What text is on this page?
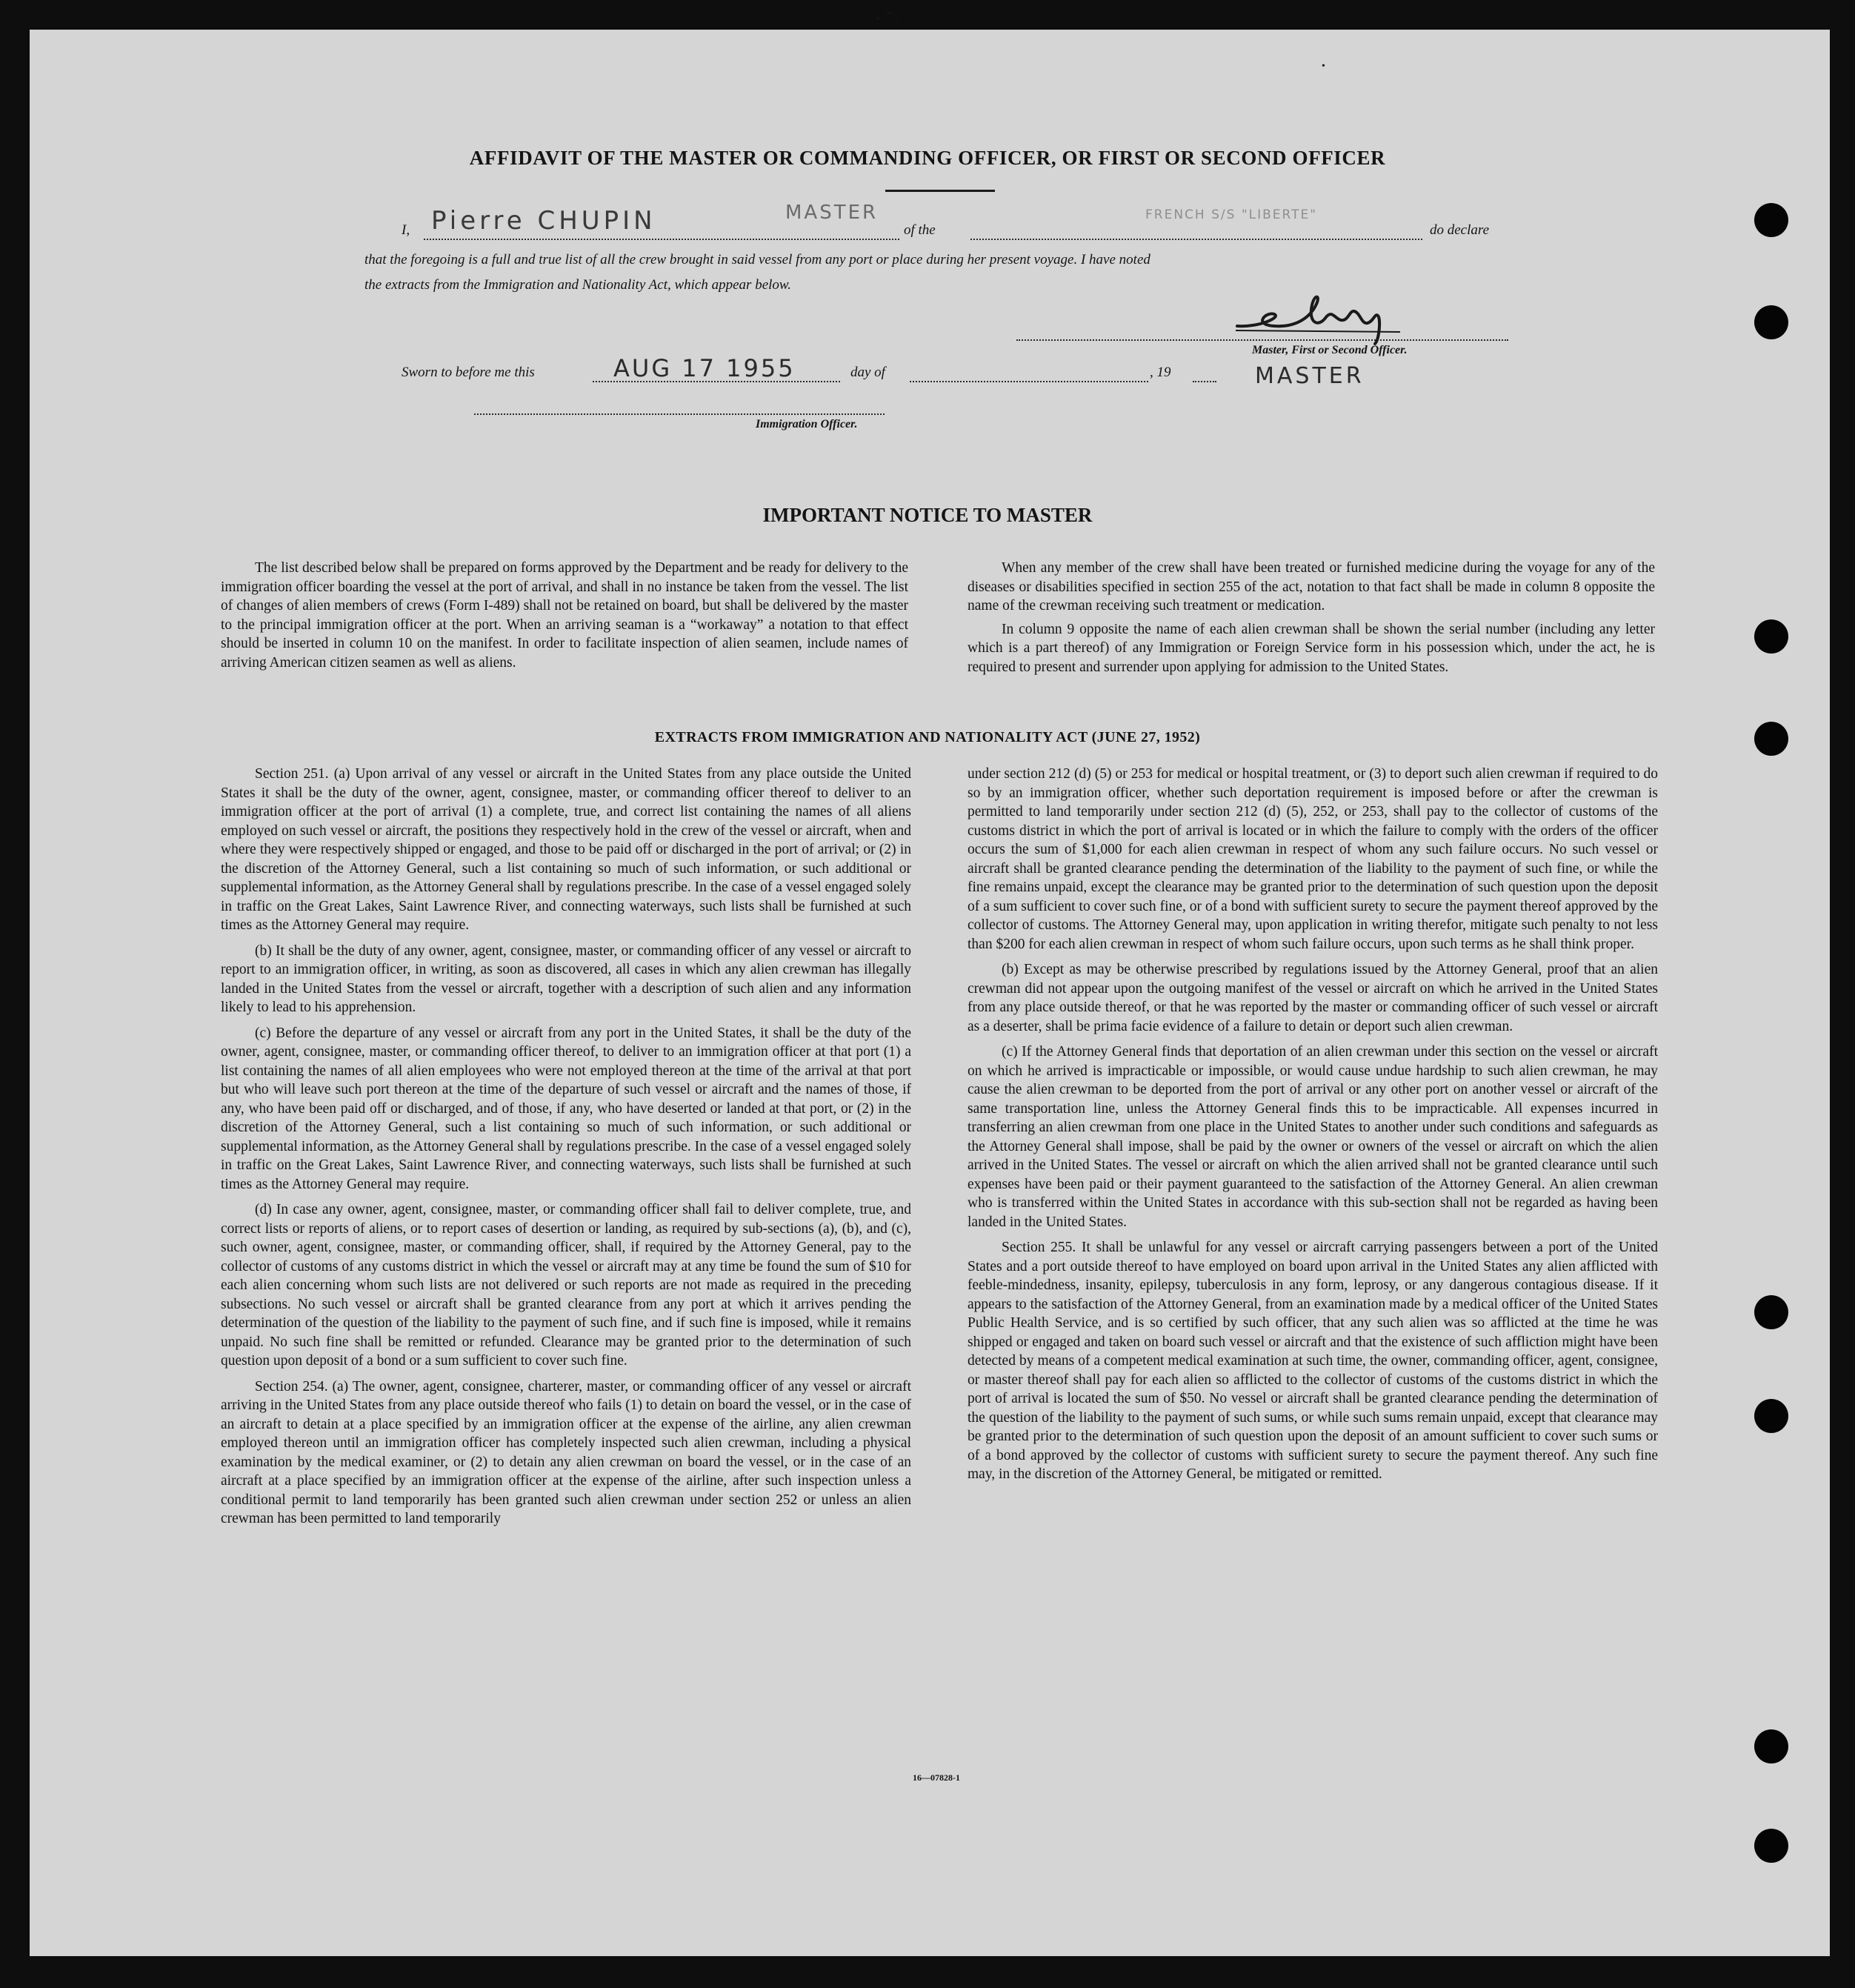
· ˉ˒
•
AFFIDAVIT OF THE MASTER OR COMMANDING OFFICER, OR FIRST OR SECOND OFFICER
I, Pierre CHUPIN	MASTER
of the
FRENCH S/S "LIBERTE"
do declare
that the foregoing is a full and true list of all the crew brought in said vessel from any port or place during her present voyage. I have noted
the extracts from the Immigration and Nationality Act, which appear below.
Master, First or Second Officer.
Sworn to before me this	AUG 17 1955	day of	, 19	MASTER
Immigration Officer.
IMPORTANT NOTICE TO MASTER

The list described below shall be prepared on forms approved by the Department and be ready for delivery to the immigration officer boarding the vessel at the port of arrival, and shall in no instance be taken from the vessel. The list of changes of alien members of crews (Form I-489) shall not be retained on board, but shall be delivered by the master to the principal immigration officer at the port. When an arriving seaman is a “workaway” a notation to that effect should be inserted in column 10 on the manifest. In order to facilitate inspection of alien seamen, include names of arriving American citizen seamen as well as aliens.

When any member of the crew shall have been treated or furnished medicine during the voyage for any of the diseases or disabilities specified in section 255 of the act, notation to that fact shall be made in column 8 opposite the name of the crewman receiving such treatment or medication.

In column 9 opposite the name of each alien crewman shall be shown the serial number (including any letter which is a part thereof) of any Immigration or Foreign Service form in his possession which, under the act, he is required to present and surrender upon applying for admission to the United States.

EXTRACTS FROM IMMIGRATION AND NATIONALITY ACT (JUNE 27, 1952)

Section 251. (a) Upon arrival of any vessel or aircraft in the United States from any place outside the United States it shall be the duty of the owner, agent, consignee, master, or commanding officer thereof to deliver to an immigration officer at the port of arrival (1) a complete, true, and correct list containing the names of all aliens employed on such vessel or aircraft, the positions they respectively hold in the crew of the vessel or aircraft, when and where they were respectively shipped or engaged, and those to be paid off or discharged in the port of arrival; or (2) in the discretion of the Attorney General, such a list containing so much of such information, or such additional or supplemental information, as the Attorney General shall by regulations prescribe. In the case of a vessel engaged solely in traffic on the Great Lakes, Saint Lawrence River, and connecting waterways, such lists shall be furnished at such times as the Attorney General may require.

(b) It shall be the duty of any owner, agent, consignee, master, or commanding officer of any vessel or aircraft to report to an immigration officer, in writing, as soon as discovered, all cases in which any alien crewman has illegally landed in the United States from the vessel or aircraft, together with a description of such alien and any information likely to lead to his apprehension.

(c) Before the departure of any vessel or aircraft from any port in the United States, it shall be the duty of the owner, agent, consignee, master, or commanding officer thereof, to deliver to an immigration officer at that port (1) a list containing the names of all alien employees who were not employed thereon at the time of the arrival at that port but who will leave such port thereon at the time of the departure of such vessel or aircraft and the names of those, if any, who have been paid off or discharged, and of those, if any, who have deserted or landed at that port, or (2) in the discretion of the Attorney General, such a list containing so much of such information, or such additional or supplemental information, as the Attorney General shall by regulations prescribe. In the case of a vessel engaged solely in traffic on the Great Lakes, Saint Lawrence River, and connecting waterways, such lists shall be furnished at such times as the Attorney General may require.

(d) In case any owner, agent, consignee, master, or commanding officer shall fail to deliver complete, true, and correct lists or reports of aliens, or to report cases of desertion or landing, as required by sub-sections (a), (b), and (c), such owner, agent, consignee, master, or commanding officer, shall, if required by the Attorney General, pay to the collector of customs of any customs district in which the vessel or aircraft may at any time be found the sum of $10 for each alien concerning whom such lists are not delivered or such reports are not made as required in the preceding subsections. No such vessel or aircraft shall be granted clearance from any port at which it arrives pending the determination of the question of the liability to the payment of such fine, and if such fine is imposed, while it remains unpaid. No such fine shall be remitted or refunded. Clearance may be granted prior to the determination of such question upon deposit of a bond or a sum sufficient to cover such fine.

Section 254. (a) The owner, agent, consignee, charterer, master, or commanding officer of any vessel or aircraft arriving in the United States from any place outside thereof who fails (1) to detain on board the vessel, or in the case of an aircraft to detain at a place specified by an immigration officer at the expense of the airline, any alien crewman employed thereon until an immigration officer has completely inspected such alien crewman, including a physical examination by the medical examiner, or (2) to detain any alien crewman on board the vessel, or in the case of an aircraft at a place specified by an immigration officer at the expense of the airline, after such inspection unless a conditional permit to land temporarily has been granted such alien crewman under section 252 or unless an alien crewman has been permitted to land temporarily

under section 212 (d) (5) or 253 for medical or hospital treatment, or (3) to deport such alien crewman if required to do so by an immigration officer, whether such deportation requirement is imposed before or after the crewman is permitted to land temporarily under section 212 (d) (5), 252, or 253, shall pay to the collector of customs of the customs district in which the port of arrival is located or in which the failure to comply with the orders of the officer occurs the sum of $1,000 for each alien crewman in respect of whom any such failure occurs. No such vessel or aircraft shall be granted clearance pending the determination of the liability to the payment of such fine, or while the fine remains unpaid, except the clearance may be granted prior to the determination of such question upon the deposit of a sum sufficient to cover such fine, or of a bond with sufficient surety to secure the payment thereof approved by the collector of customs. The Attorney General may, upon application in writing therefor, mitigate such penalty to not less than $200 for each alien crewman in respect of whom such failure occurs, upon such terms as he shall think proper.

(b) Except as may be otherwise prescribed by regulations issued by the Attorney General, proof that an alien crewman did not appear upon the outgoing manifest of the vessel or aircraft on which he arrived in the United States from any place outside thereof, or that he was reported by the master or commanding officer of such vessel or aircraft as a deserter, shall be prima facie evidence of a failure to detain or deport such alien crewman.

(c) If the Attorney General finds that deportation of an alien crewman under this section on the vessel or aircraft on which he arrived is impracticable or impossible, or would cause undue hardship to such alien crewman, he may cause the alien crewman to be deported from the port of arrival or any other port on another vessel or aircraft of the same transportation line, unless the Attorney General finds this to be impracticable. All expenses incurred in transferring an alien crewman from one place in the United States to another under such conditions and safeguards as the Attorney General shall impose, shall be paid by the owner or owners of the vessel or aircraft on which the alien arrived in the United States. The vessel or aircraft on which the alien arrived shall not be granted clearance until such expenses have been paid or their payment guaranteed to the satisfaction of the Attorney General. An alien crewman who is transferred within the United States in accordance with this sub-section shall not be regarded as having been landed in the United States.

Section 255. It shall be unlawful for any vessel or aircraft carrying passengers between a port of the United States and a port outside thereof to have employed on board upon arrival in the United States any alien afflicted with feeble-mindedness, insanity, epilepsy, tuberculosis in any form, leprosy, or any dangerous contagious disease. If it appears to the satisfaction of the Attorney General, from an examination made by a medical officer of the United States Public Health Service, and is so certified by such officer, that any such alien was so afflicted at the time he was shipped or engaged and taken on board such vessel or aircraft and that the existence of such affliction might have been detected by means of a competent medical examination at such time, the owner, commanding officer, agent, consignee, or master thereof shall pay for each alien so afflicted to the collector of customs of the customs district in which the port of arrival is located the sum of $50. No vessel or aircraft shall be granted clearance pending the determination of the question of the liability to the payment of such sums, or while such sums remain unpaid, except that clearance may be granted prior to the determination of such question upon the deposit of an amount sufficient to cover such sums or of a bond approved by the collector of customs with sufficient surety to secure the payment thereof. Any such fine may, in the discretion of the Attorney General, be mitigated or remitted.

16—07828-1
